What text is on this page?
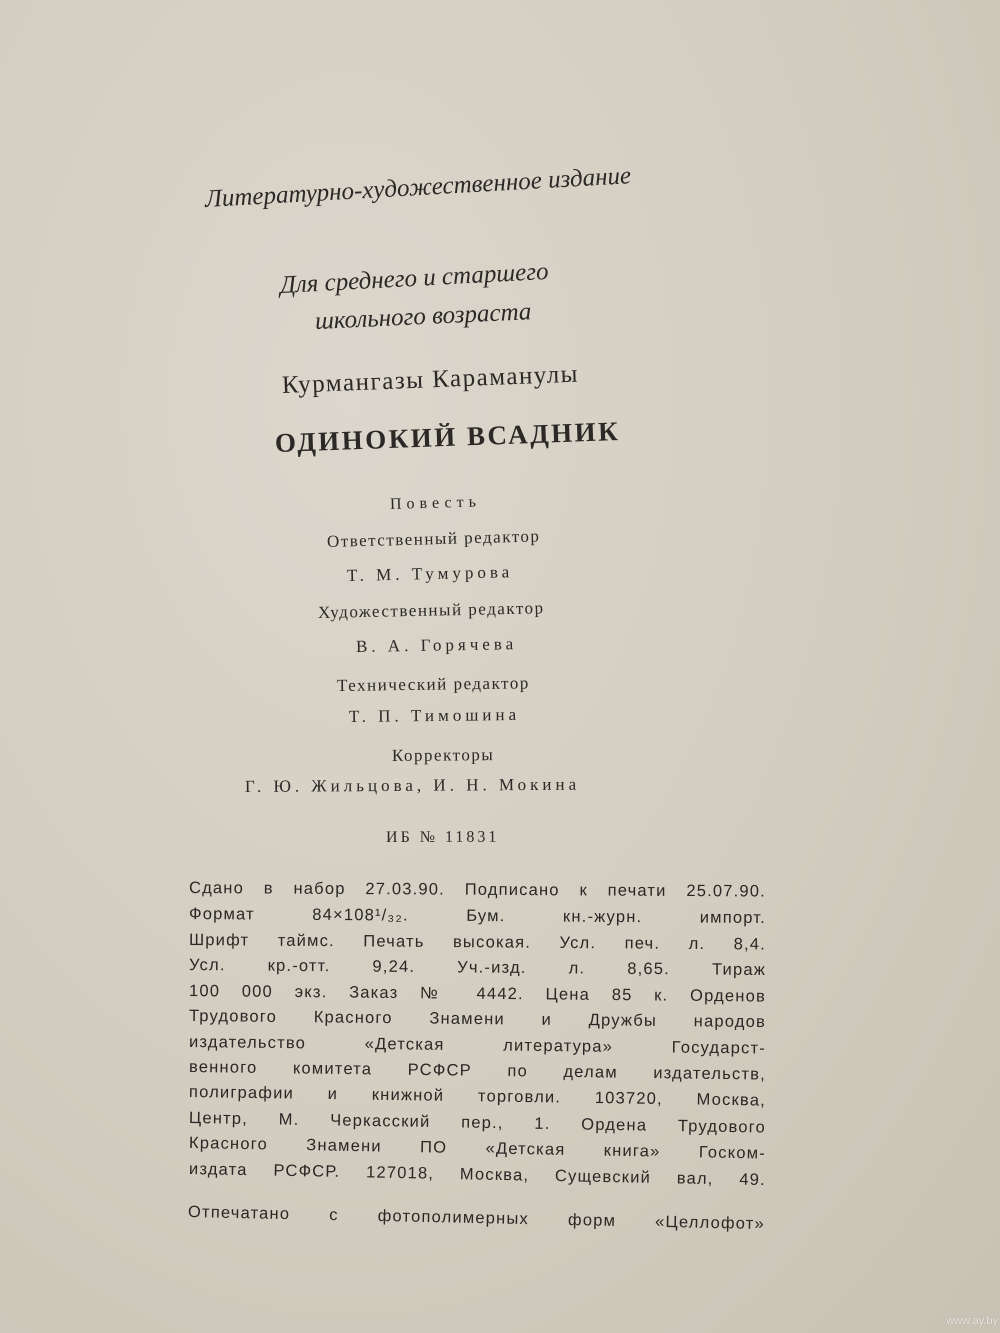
Литературно-художественное издание
Для среднего и старшего
школьного возраста
Курмангазы Караманулы
ОДИНОКИЙ ВСАДНИК
Повесть
Ответственный редактор
Т. М. Тумурова
Художественный редактор
В. А. Горячева
Технический редактор
Т. П. Тимошина
Корректоры
Г. Ю. Жильцова, И. Н. Мокина
ИБ № 11831
Сдано в набор 27.03.90. Подписано к печати 25.07.90.
Формат 84×108¹/₃₂. Бум. кн.-журн. импорт.
Шрифт таймс. Печать высокая. Усл. печ. л. 8,4.
Усл. кр.-отт. 9,24. Уч.-изд. л. 8,65. Тираж
100 000 экз. Заказ № 4442. Цена 85 к. Орденов
Трудового Красного Знамени и Дружбы народов
издательство «Детская литература» Государст-
венного комитета РСФСР по делам издательств,
полиграфии и книжной торговли. 103720, Москва,
Центр, М. Черкасский пер., 1. Ордена Трудового
Красного Знамени ПО «Детская книга» Госком-
издата РСФСР. 127018, Москва, Сущевский вал, 49.
Отпечатано с фотополимерных форм «Целлофот»
www.ay.by
